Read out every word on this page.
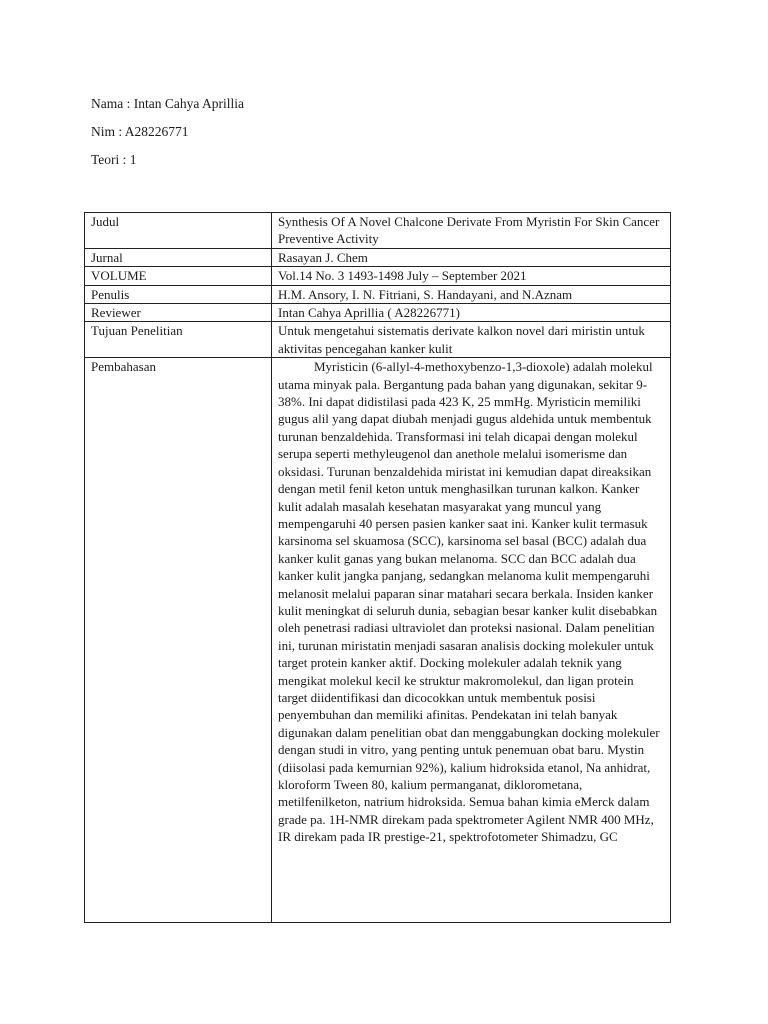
Nama : Intan Cahya Aprillia
Nim : A28226771
Teori : 1
Judul	Synthesis Of A Novel Chalcone Derivate From Myristin For Skin Cancer Preventive Activity
Jurnal	Rasayan J. Chem
VOLUME	Vol.14 No. 3 1493-1498 July – September 2021
Penulis	H.M. Ansory, I. N. Fitriani, S. Handayani, and N.Aznam
Reviewer	Intan Cahya Aprillia ( A28226771)
Tujuan Penelitian	Untuk mengetahui sistematis derivate kalkon novel dari miristin untuk aktivitas pencegahan kanker kulit
Pembahasan	Myristicin (6-allyl-4-methoxybenzo-1,3-dioxole) adalah molekul utama minyak pala. Bergantung pada bahan yang digunakan, sekitar 9-38%. Ini dapat didistilasi pada 423 K, 25 mmHg. Myristicin memiliki gugus alil yang dapat diubah menjadi gugus aldehida untuk membentuk turunan benzaldehida. Transformasi ini telah dicapai dengan molekul serupa seperti methyleugenol dan anethole melalui isomerisme dan oksidasi. Turunan benzaldehida miristat ini kemudian dapat direaksikan dengan metil fenil keton untuk menghasilkan turunan kalkon. Kanker kulit adalah masalah kesehatan masyarakat yang muncul yang mempengaruhi 40 persen pasien kanker saat ini. Kanker kulit termasuk karsinoma sel skuamosa (SCC), karsinoma sel basal (BCC) adalah dua kanker kulit ganas yang bukan melanoma. SCC dan BCC adalah dua kanker kulit jangka panjang, sedangkan melanoma kulit mempengaruhi melanosit melalui paparan sinar matahari secara berkala. Insiden kanker kulit meningkat di seluruh dunia, sebagian besar kanker kulit disebabkan oleh penetrasi radiasi ultraviolet dan proteksi nasional. Dalam penelitian ini, turunan miristatin menjadi sasaran analisis docking molekuler untuk target protein kanker aktif. Docking molekuler adalah teknik yang mengikat molekul kecil ke struktur makromolekul, dan ligan protein target diidentifikasi dan dicocokkan untuk membentuk posisi penyembuhan dan memiliki afinitas. Pendekatan ini telah banyak digunakan dalam penelitian obat dan menggabungkan docking molekuler dengan studi in vitro, yang penting untuk penemuan obat baru. Mystin (diisolasi pada kemurnian 92%), kalium hidroksida etanol, Na anhidrat, kloroform Tween 80, kalium permanganat, diklorometana, metilfenilketon, natrium hidroksida. Semua bahan kimia eMerck dalam grade pa. 1H-NMR direkam pada spektrometer Agilent NMR 400 MHz, IR direkam pada IR prestige-21, spektrofotometer Shimadzu, GC
